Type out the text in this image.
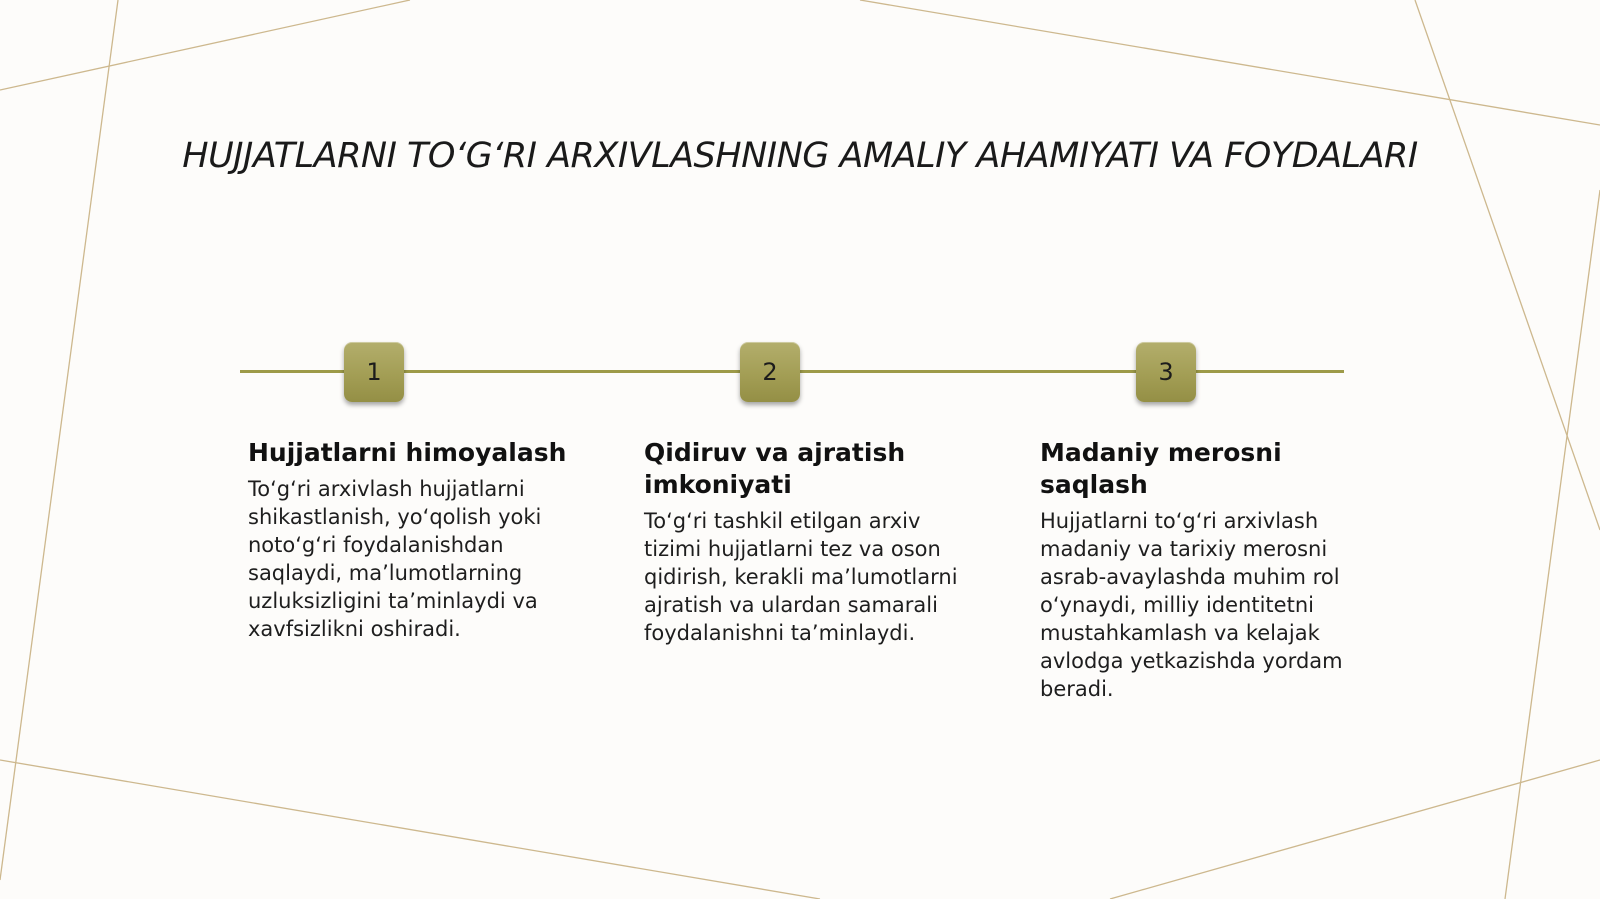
HUJJATLARNI TO‘G‘RI ARXIVLASHNING AMALIY AHAMIYATI VA FOYDALARI
1	2	3
Hujjatlarni himoyalash

To‘g‘ri arxivlash hujjatlarni shikastlanish, yo‘qolish yoki noto‘g‘ri foydalanishdan saqlaydi, ma’lumotlarning uzluksizligini ta’minlaydi va xavfsizlikni oshiradi.

Qidiruv va ajratish imkoniyati

To‘g‘ri tashkil etilgan arxiv tizimi hujjatlarni tez va oson qidirish, kerakli ma’lumotlarni ajratish va ulardan samarali foydalanishni ta’minlaydi.

Madaniy merosni saqlash

Hujjatlarni to‘g‘ri arxivlash madaniy va tarixiy merosni asrab-avaylashda muhim rol o‘ynaydi, milliy identitetni mustahkamlash va kelajak avlodga yetkazishda yordam beradi.
